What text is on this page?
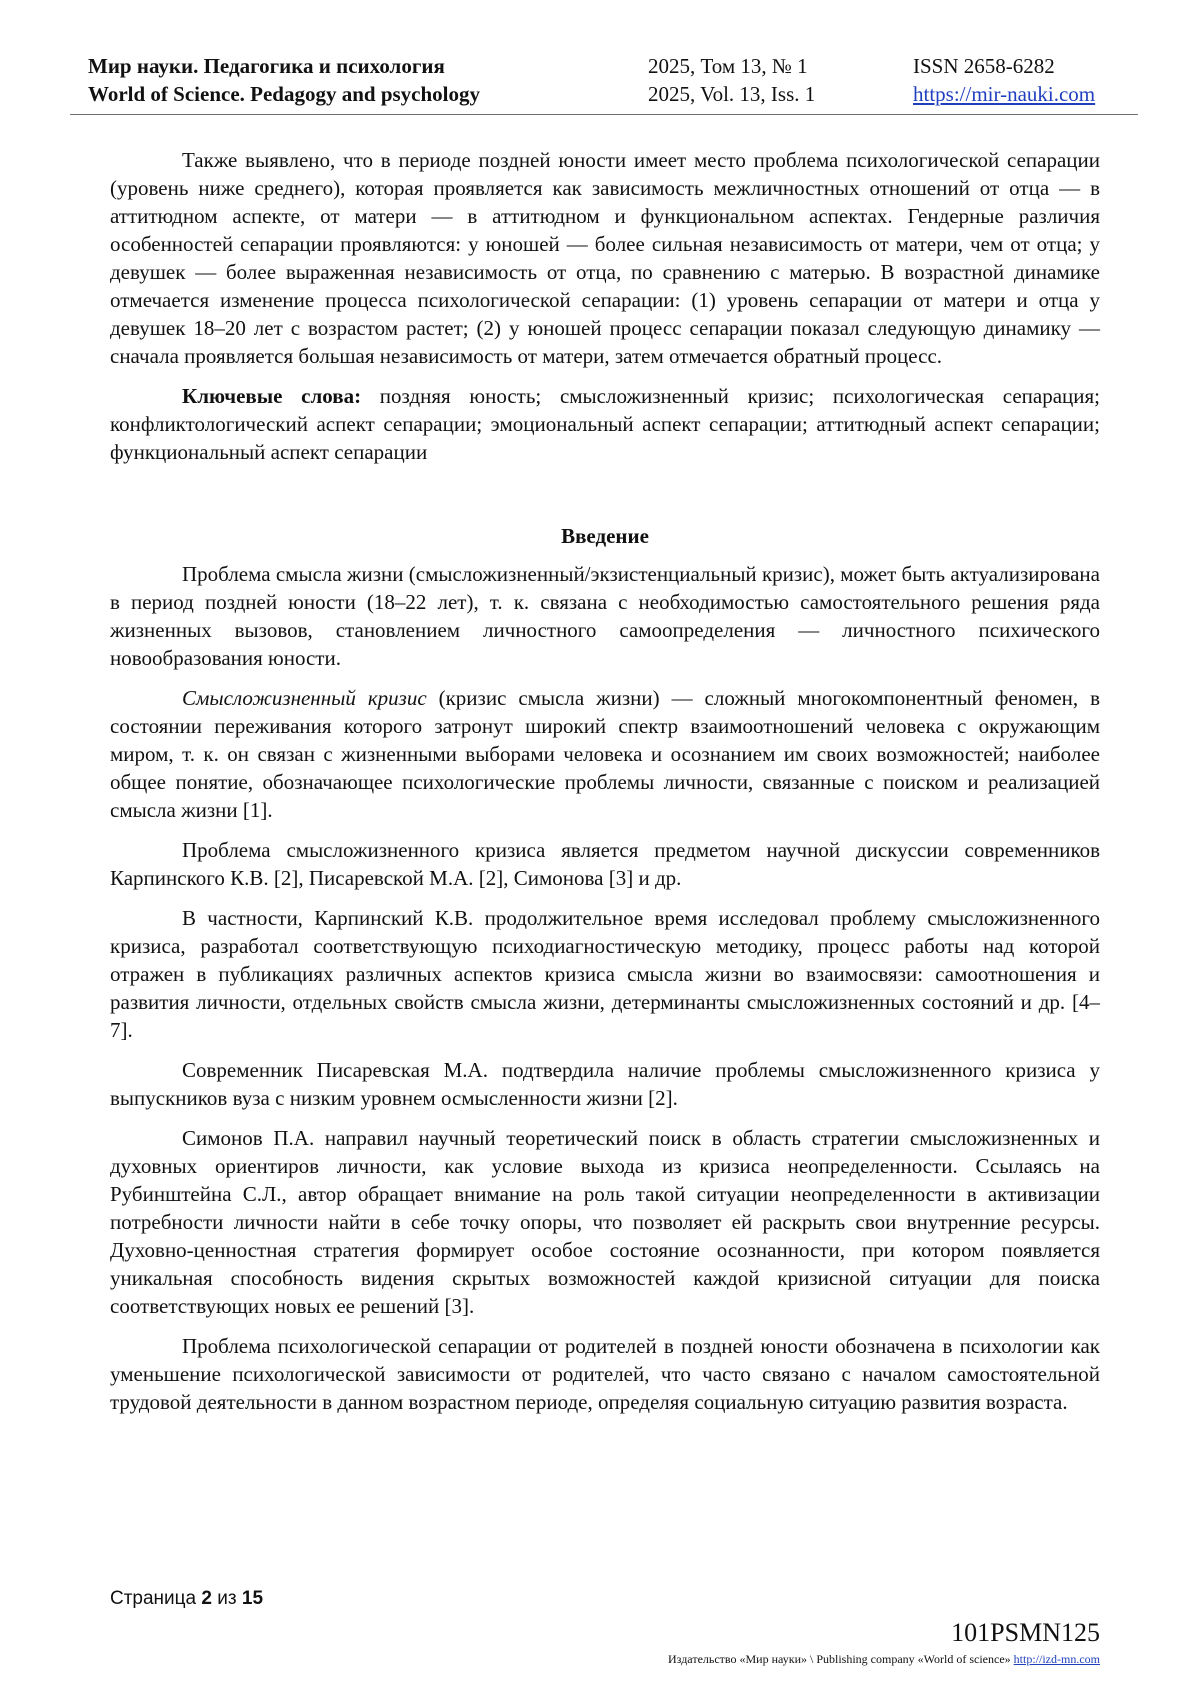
Мир науки. Педагогика и психология
World of Science. Pedagogy and psychology
2025, Том 13, № 1
2025, Vol. 13, Iss. 1
ISSN 2658-6282
https://mir-nauki.com

Также выявлено, что в периоде поздней юности имеет место проблема психологической сепарации (уровень ниже среднего), которая проявляется как зависимость межличностных отношений от отца — в аттитюдном аспекте, от матери — в аттитюдном и функциональном аспектах. Гендерные различия особенностей сепарации проявляются: у юношей — более сильная независимость от матери, чем от отца; у девушек — более выраженная независимость от отца, по сравнению с матерью. В возрастной динамике отмечается изменение процесса психологической сепарации: (1) уровень сепарации от матери и отца у девушек 18–20 лет с возрастом растет; (2) у юношей процесс сепарации показал следующую динамику — сначала проявляется большая независимость от матери, затем отмечается обратный процесс.

Ключевые слова: поздняя юность; смысложизненный кризис; психологическая сепарация; конфликтологический аспект сепарации; эмоциональный аспект сепарации; аттитюдный аспект сепарации; функциональный аспект сепарации

Введение

Проблема смысла жизни (смысложизненный/экзистенциальный кризис), может быть актуализирована в период поздней юности (18–22 лет), т. к. связана с необходимостью самостоятельного решения ряда жизненных вызовов, становлением личностного самоопределения — личностного психического новообразования юности.

Смысложизненный кризис (кризис смысла жизни) — сложный многокомпонентный феномен, в состоянии переживания которого затронут широкий спектр взаимоотношений человека с окружающим миром, т. к. он связан с жизненными выборами человека и осознанием им своих возможностей; наиболее общее понятие, обозначающее психологические проблемы личности, связанные с поиском и реализацией смысла жизни [1].

Проблема смысложизненного кризиса является предметом научной дискуссии современников Карпинского К.В. [2], Писаревской М.А. [2], Симонова [3] и др.

В частности, Карпинский К.В. продолжительное время исследовал проблему смысложизненного кризиса, разработал соответствующую психодиагностическую методику, процесс работы над которой отражен в публикациях различных аспектов кризиса смысла жизни во взаимосвязи: самоотношения и развития личности, отдельных свойств смысла жизни, детерминанты смысложизненных состояний и др. [4–7].

Современник Писаревская М.А. подтвердила наличие проблемы смысложизненного кризиса у выпускников вуза с низким уровнем осмысленности жизни [2].

Симонов П.А. направил научный теоретический поиск в область стратегии смысложизненных и духовных ориентиров личности, как условие выхода из кризиса неопределенности. Ссылаясь на Рубинштейна С.Л., автор обращает внимание на роль такой ситуации неопределенности в активизации потребности личности найти в себе точку опоры, что позволяет ей раскрыть свои внутренние ресурсы. Духовно-ценностная стратегия формирует особое состояние осознанности, при котором появляется уникальная способность видения скрытых возможностей каждой кризисной ситуации для поиска соответствующих новых ее решений [3].

Проблема психологической сепарации от родителей в поздней юности обозначена в психологии как уменьшение психологической зависимости от родителей, что часто связано с началом самостоятельной трудовой деятельности в данном возрастном периоде, определяя социальную ситуацию развития возраста.

Страница 2 из 15
101PSMN125
Издательство «Мир науки» \ Publishing company «World of science» http://izd-mn.com
